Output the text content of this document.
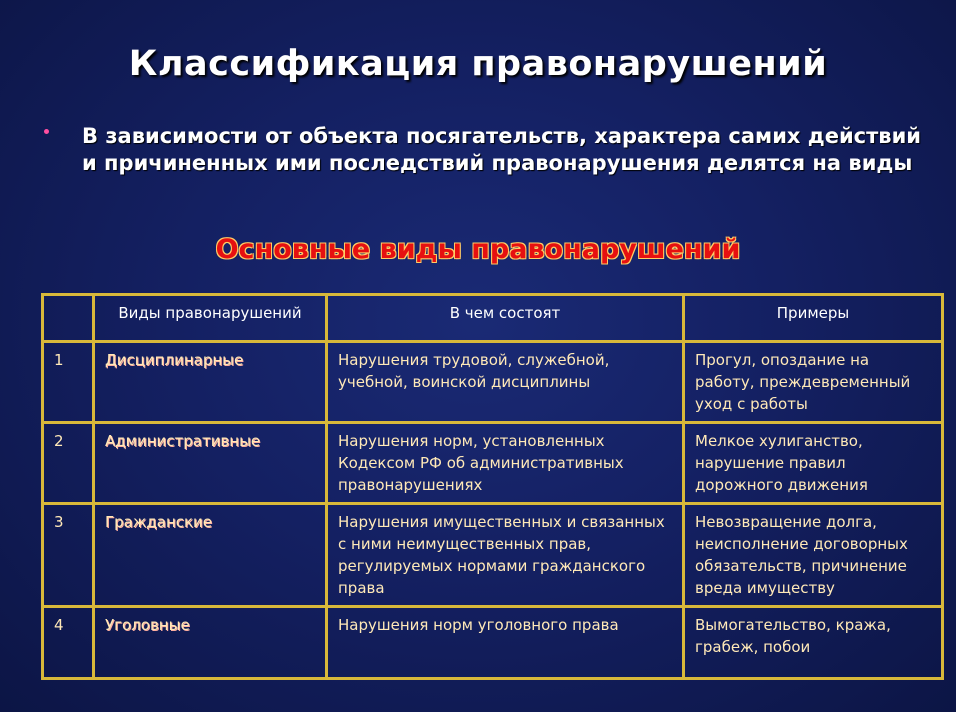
Классификация правонарушений
В зависимости от объекта посягательств, характера самих действий и причиненных ими последствий правонарушения делятся на виды
Основные виды правонарушений
	Виды правонарушений	В чем состоят	Примеры
1	Дисциплинарные	Нарушения трудовой, служебной, учебной, воинской дисциплины	Прогул, опоздание на работу, преждевременный уход с работы
2	Административные	Нарушения норм, установленных Кодексом РФ об административных правонарушениях	Мелкое хулиганство, нарушение правил дорожного движения
3	Гражданские	Нарушения имущественных и связанных с ними неимущественных прав, регулируемых нормами гражданского права	Невозвращение долга, неисполнение договорных обязательств, причинение вреда имуществу
4	Уголовные	Нарушения норм уголовного права	Вымогательство, кража, грабеж, побои
